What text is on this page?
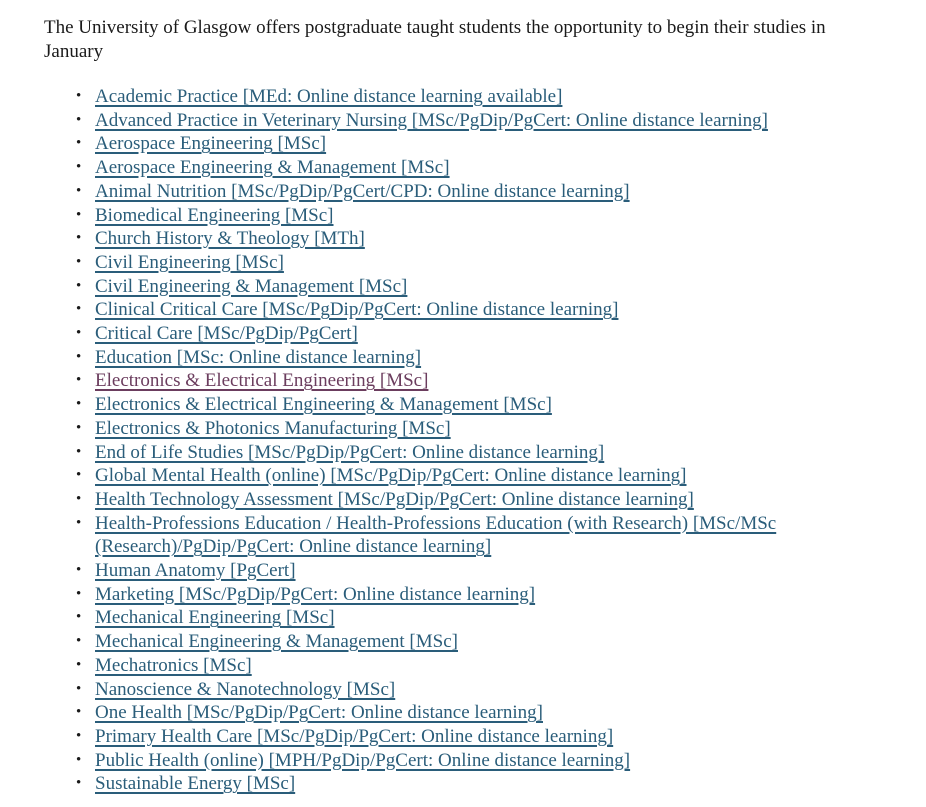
The University of Glasgow offers postgraduate taught students the opportunity to begin their studies in January

• Academic Practice [MEd: Online distance learning available]
• Advanced Practice in Veterinary Nursing [MSc/PgDip/PgCert: Online distance learning]
• Aerospace Engineering [MSc]
• Aerospace Engineering & Management [MSc]
• Animal Nutrition [MSc/PgDip/PgCert/CPD: Online distance learning]
• Biomedical Engineering [MSc]
• Church History & Theology [MTh]
• Civil Engineering [MSc]
• Civil Engineering & Management [MSc]
• Clinical Critical Care [MSc/PgDip/PgCert: Online distance learning]
• Critical Care [MSc/PgDip/PgCert]
• Education [MSc: Online distance learning]
• Electronics & Electrical Engineering [MSc]
• Electronics & Electrical Engineering & Management [MSc]
• Electronics & Photonics Manufacturing [MSc]
• End of Life Studies [MSc/PgDip/PgCert: Online distance learning]
• Global Mental Health (online) [MSc/PgDip/PgCert: Online distance learning]
• Health Technology Assessment [MSc/PgDip/PgCert: Online distance learning]
• Health-Professions Education / Health-Professions Education (with Research) [MSc/MSc (Research)/PgDip/PgCert: Online distance learning]
• Human Anatomy [PgCert]
• Marketing [MSc/PgDip/PgCert: Online distance learning]
• Mechanical Engineering [MSc]
• Mechanical Engineering & Management [MSc]
• Mechatronics [MSc]
• Nanoscience & Nanotechnology [MSc]
• One Health [MSc/PgDip/PgCert: Online distance learning]
• Primary Health Care [MSc/PgDip/PgCert: Online distance learning]
• Public Health (online) [MPH/PgDip/PgCert: Online distance learning]
• Sustainable Energy [MSc]
